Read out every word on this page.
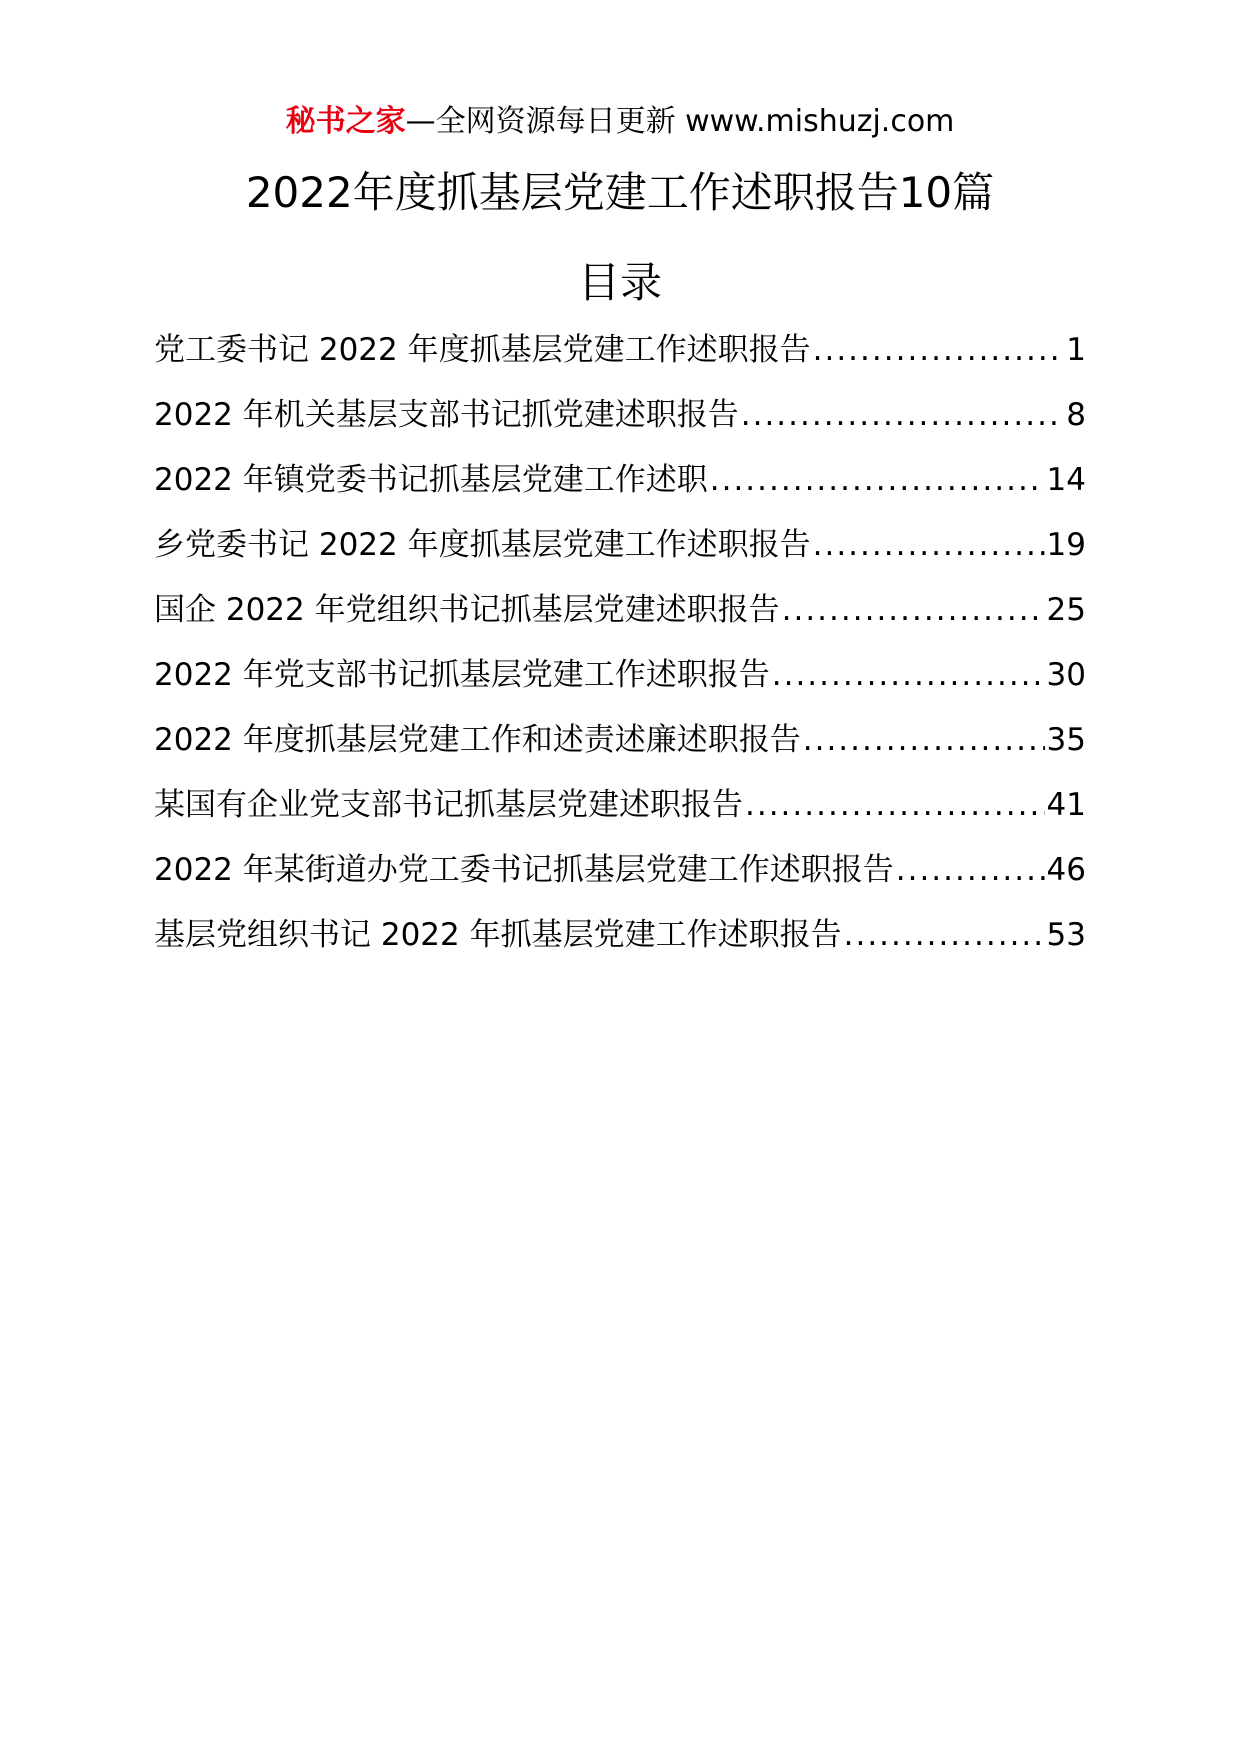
秘书之家—全网资源每日更新 www.mishuzj.com
2022年度抓基层党建工作述职报告10篇
目录
党工委书记 2022 年度抓基层党建工作述职报告 .....	1
2022 年机关基层支部书记抓党建述职报告 .....	8
2022 年镇党委书记抓基层党建工作述职 .....	14
乡党委书记 2022 年度抓基层党建工作述职报告 .....	19
国企 2022 年党组织书记抓基层党建述职报告 .....	25
2022 年党支部书记抓基层党建工作述职报告 .....	30
2022 年度抓基层党建工作和述责述廉述职报告 .....	35
某国有企业党支部书记抓基层党建述职报告 .....	41
2022 年某街道办党工委书记抓基层党建工作述职报告 .....	46
基层党组织书记 2022 年抓基层党建工作述职报告 .....	53
